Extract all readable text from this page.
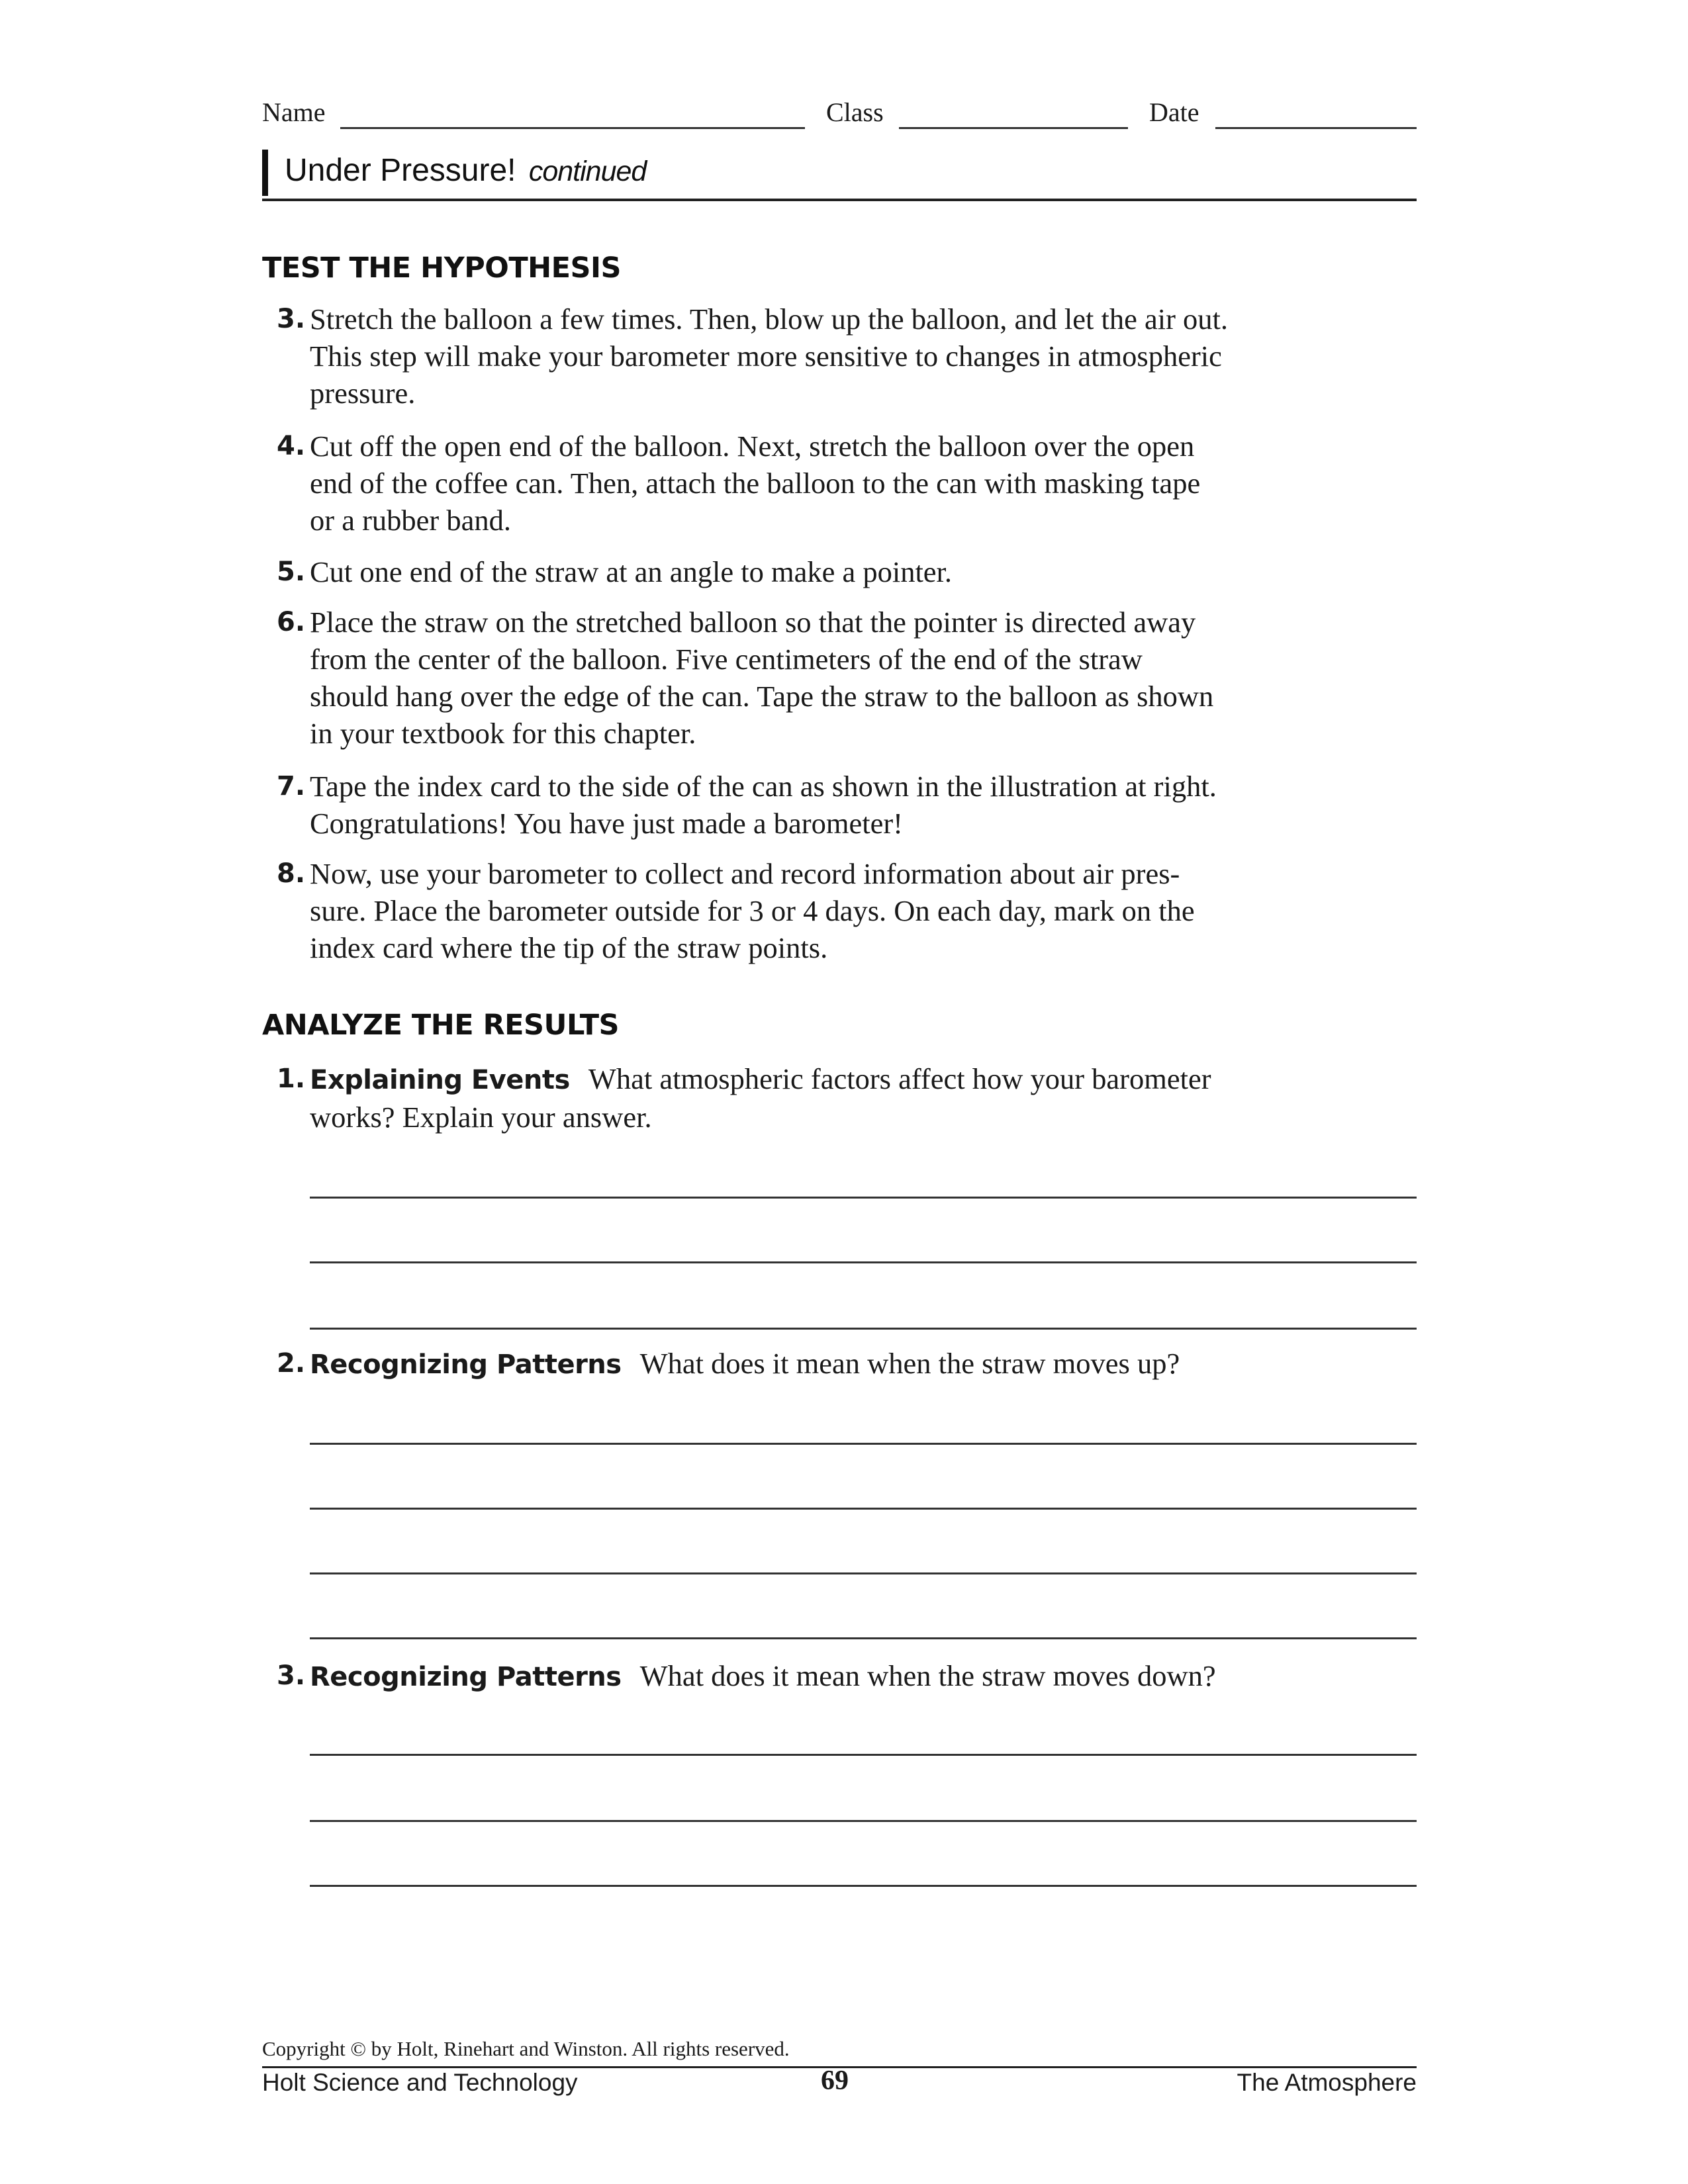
Name	Class	Date
Under Pressure! continued
TEST THE HYPOTHESIS
3. Stretch the balloon a few times. Then, blow up the balloon, and let the air out.
This step will make your barometer more sensitive to changes in atmospheric
pressure.
4. Cut off the open end of the balloon. Next, stretch the balloon over the open
end of the coffee can. Then, attach the balloon to the can with masking tape
or a rubber band.
5. Cut one end of the straw at an angle to make a pointer.
6. Place the straw on the stretched balloon so that the pointer is directed away
from the center of the balloon. Five centimeters of the end of the straw
should hang over the edge of the can. Tape the straw to the balloon as shown
in your textbook for this chapter.
7. Tape the index card to the side of the can as shown in the illustration at right.
Congratulations! You have just made a barometer!
8. Now, use your barometer to collect and record information about air pres-
sure. Place the barometer outside for 3 or 4 days. On each day, mark on the
index card where the tip of the straw points.
ANALYZE THE RESULTS
1. Explaining Events What atmospheric factors affect how your barometer
works? Explain your answer.
2. Recognizing Patterns What does it mean when the straw moves up?
3. Recognizing Patterns What does it mean when the straw moves down?
Copyright © by Holt, Rinehart and Winston. All rights reserved.
Holt Science and Technology	69	The Atmosphere
